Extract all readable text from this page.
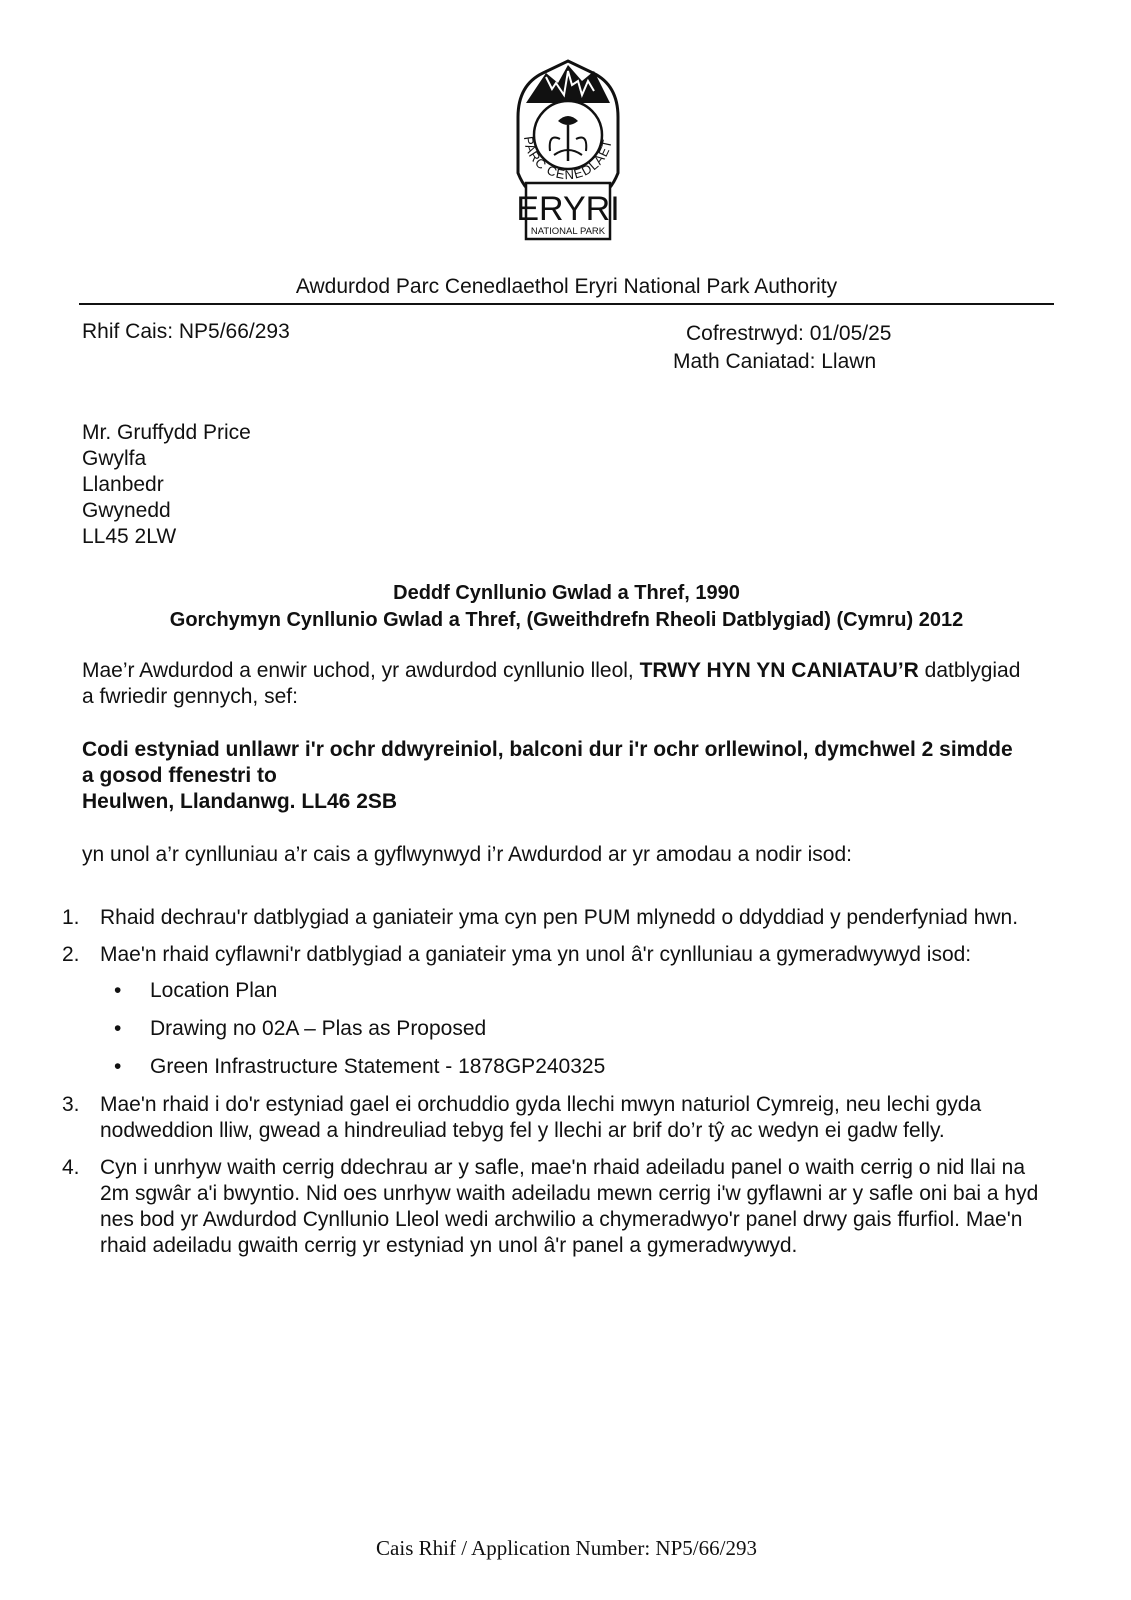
PARC CENEDLAET
ERYRI
NATIONAL PARK
Awdurdod Parc Cenedlaethol Eryri National Park Authority
Rhif Cais: NP5/66/293	Cofrestrwyd: 01/05/25
Math Caniatad: Llawn
Mr. Gruffydd Price
Gwylfa
Llanbedr
Gwynedd
LL45 2LW
Deddf Cynllunio Gwlad a Thref, 1990
Gorchymyn Cynllunio Gwlad a Thref, (Gweithdrefn Rheoli Datblygiad) (Cymru) 2012
Mae’r Awdurdod a enwir uchod, yr awdurdod cynllunio lleol, TRWY HYN YN CANIATAU’R datblygiad a fwriedir gennych, sef:
Codi estyniad unllawr i'r ochr ddwyreiniol, balconi dur i'r ochr orllewinol, dymchwel 2 simdde a gosod ffenestri to
Heulwen, Llandanwg. LL46 2SB
yn unol a’r cynlluniau a’r cais a gyflwynwyd i’r Awdurdod ar yr amodau a nodir isod:
1. Rhaid dechrau'r datblygiad a ganiateir yma cyn pen PUM mlynedd o ddyddiad y penderfyniad hwn.
2. Mae'n rhaid cyflawni'r datblygiad a ganiateir yma yn unol â'r cynlluniau a gymeradwywyd isod:
• Location Plan
• Drawing no 02A – Plas as Proposed
• Green Infrastructure Statement - 1878GP240325
3. Mae'n rhaid i do'r estyniad gael ei orchuddio gyda llechi mwyn naturiol Cymreig, neu lechi gyda nodweddion lliw, gwead a hindreuliad tebyg fel y llechi ar brif do’r tŷ ac wedyn ei gadw felly.
4. Cyn i unrhyw waith cerrig ddechrau ar y safle, mae'n rhaid adeiladu panel o waith cerrig o nid llai na 2m sgwâr a'i bwyntio. Nid oes unrhyw waith adeiladu mewn cerrig i'w gyflawni ar y safle oni bai a hyd nes bod yr Awdurdod Cynllunio Lleol wedi archwilio a chymeradwyo'r panel drwy gais ffurfiol. Mae'n rhaid adeiladu gwaith cerrig yr estyniad yn unol â'r panel a gymeradwywyd.
Cais Rhif / Application Number: NP5/66/293
